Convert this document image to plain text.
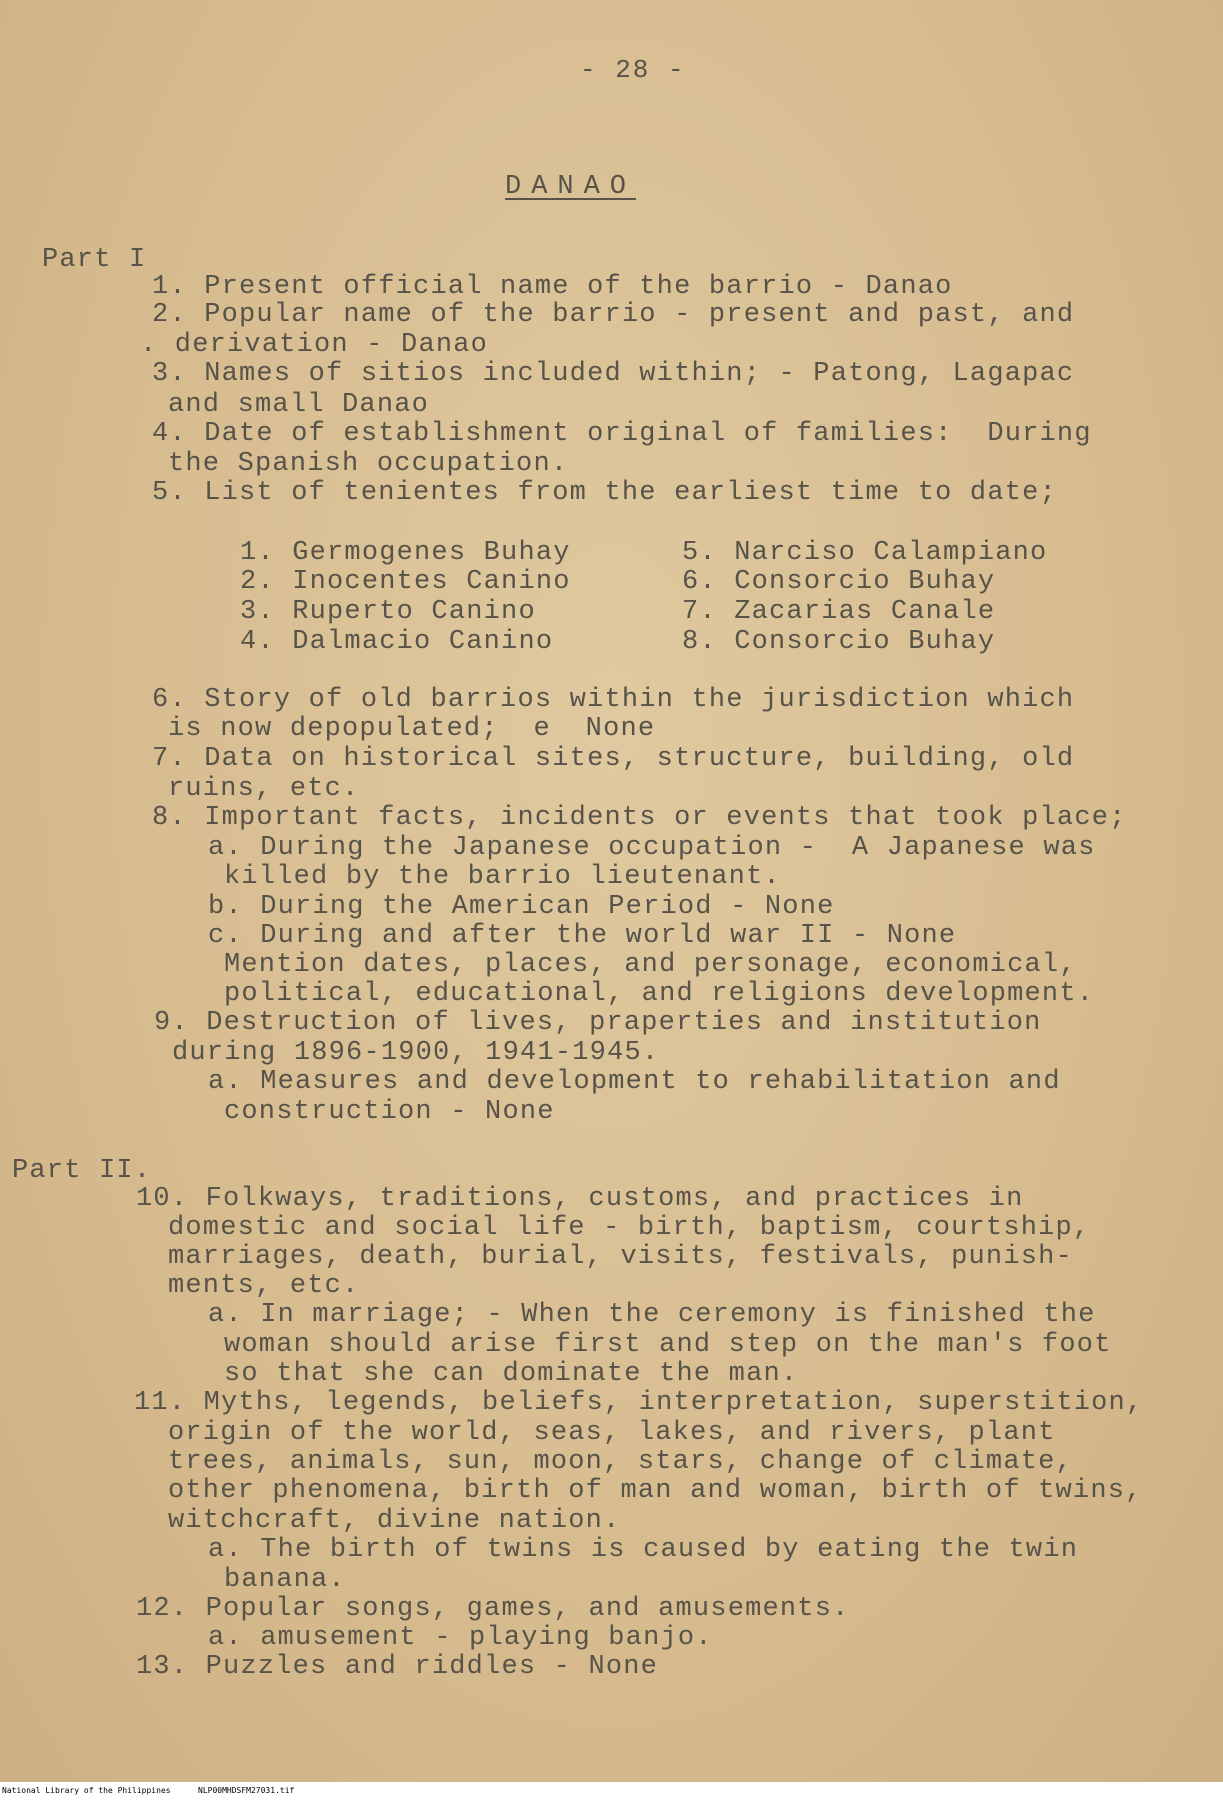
- 28 -
DANAO
Part I
1. Present official name of the barrio - Danao
2. Popular name of the barrio - present and past, and
. derivation - Danao
3. Names of sitios included within; - Patong, Lagapac
and small Danao
4. Date of establishment original of families:  During
the Spanish occupation.
5. List of tenientes from the earliest time to date;
1. Germogenes Buhay
2. Inocentes Canino
3. Ruperto Canino
4. Dalmacio Canino
5. Narciso Calampiano
6. Consorcio Buhay
7. Zacarias Canale
8. Consorcio Buhay
6. Story of old barrios within the jurisdiction which
is now depopulated;  e  None
7. Data on historical sites, structure, building, old
ruins, etc.
8. Important facts, incidents or events that took place;
a. During the Japanese occupation -  A Japanese was
killed by the barrio lieutenant.
b. During the American Period - None
c. During and after the world war II - None
Mention dates, places, and personage, economical,
political, educational, and religions development.
9. Destruction of lives, praperties and institution
during 1896-1900, 1941-1945.
a. Measures and development to rehabilitation and
construction - None
Part II.
10. Folkways, traditions, customs, and practices in
domestic and social life - birth, baptism, courtship,
marriages, death, burial, visits, festivals, punish-
ments, etc.
a. In marriage; - When the ceremony is finished the
woman should arise first and step on the man's foot
so that she can dominate the man.
11. Myths, legends, beliefs, interpretation, superstition,
origin of the world, seas, lakes, and rivers, plant
trees, animals, sun, moon, stars, change of climate,
other phenomena, birth of man and woman, birth of twins,
witchcraft, divine nation.
a. The birth of twins is caused by eating the twin
banana.
12. Popular songs, games, and amusements.
a. amusement - playing banjo.
13. Puzzles and riddles - None
National Library of the Philippines	NLP00MHDSFM27031.tif
